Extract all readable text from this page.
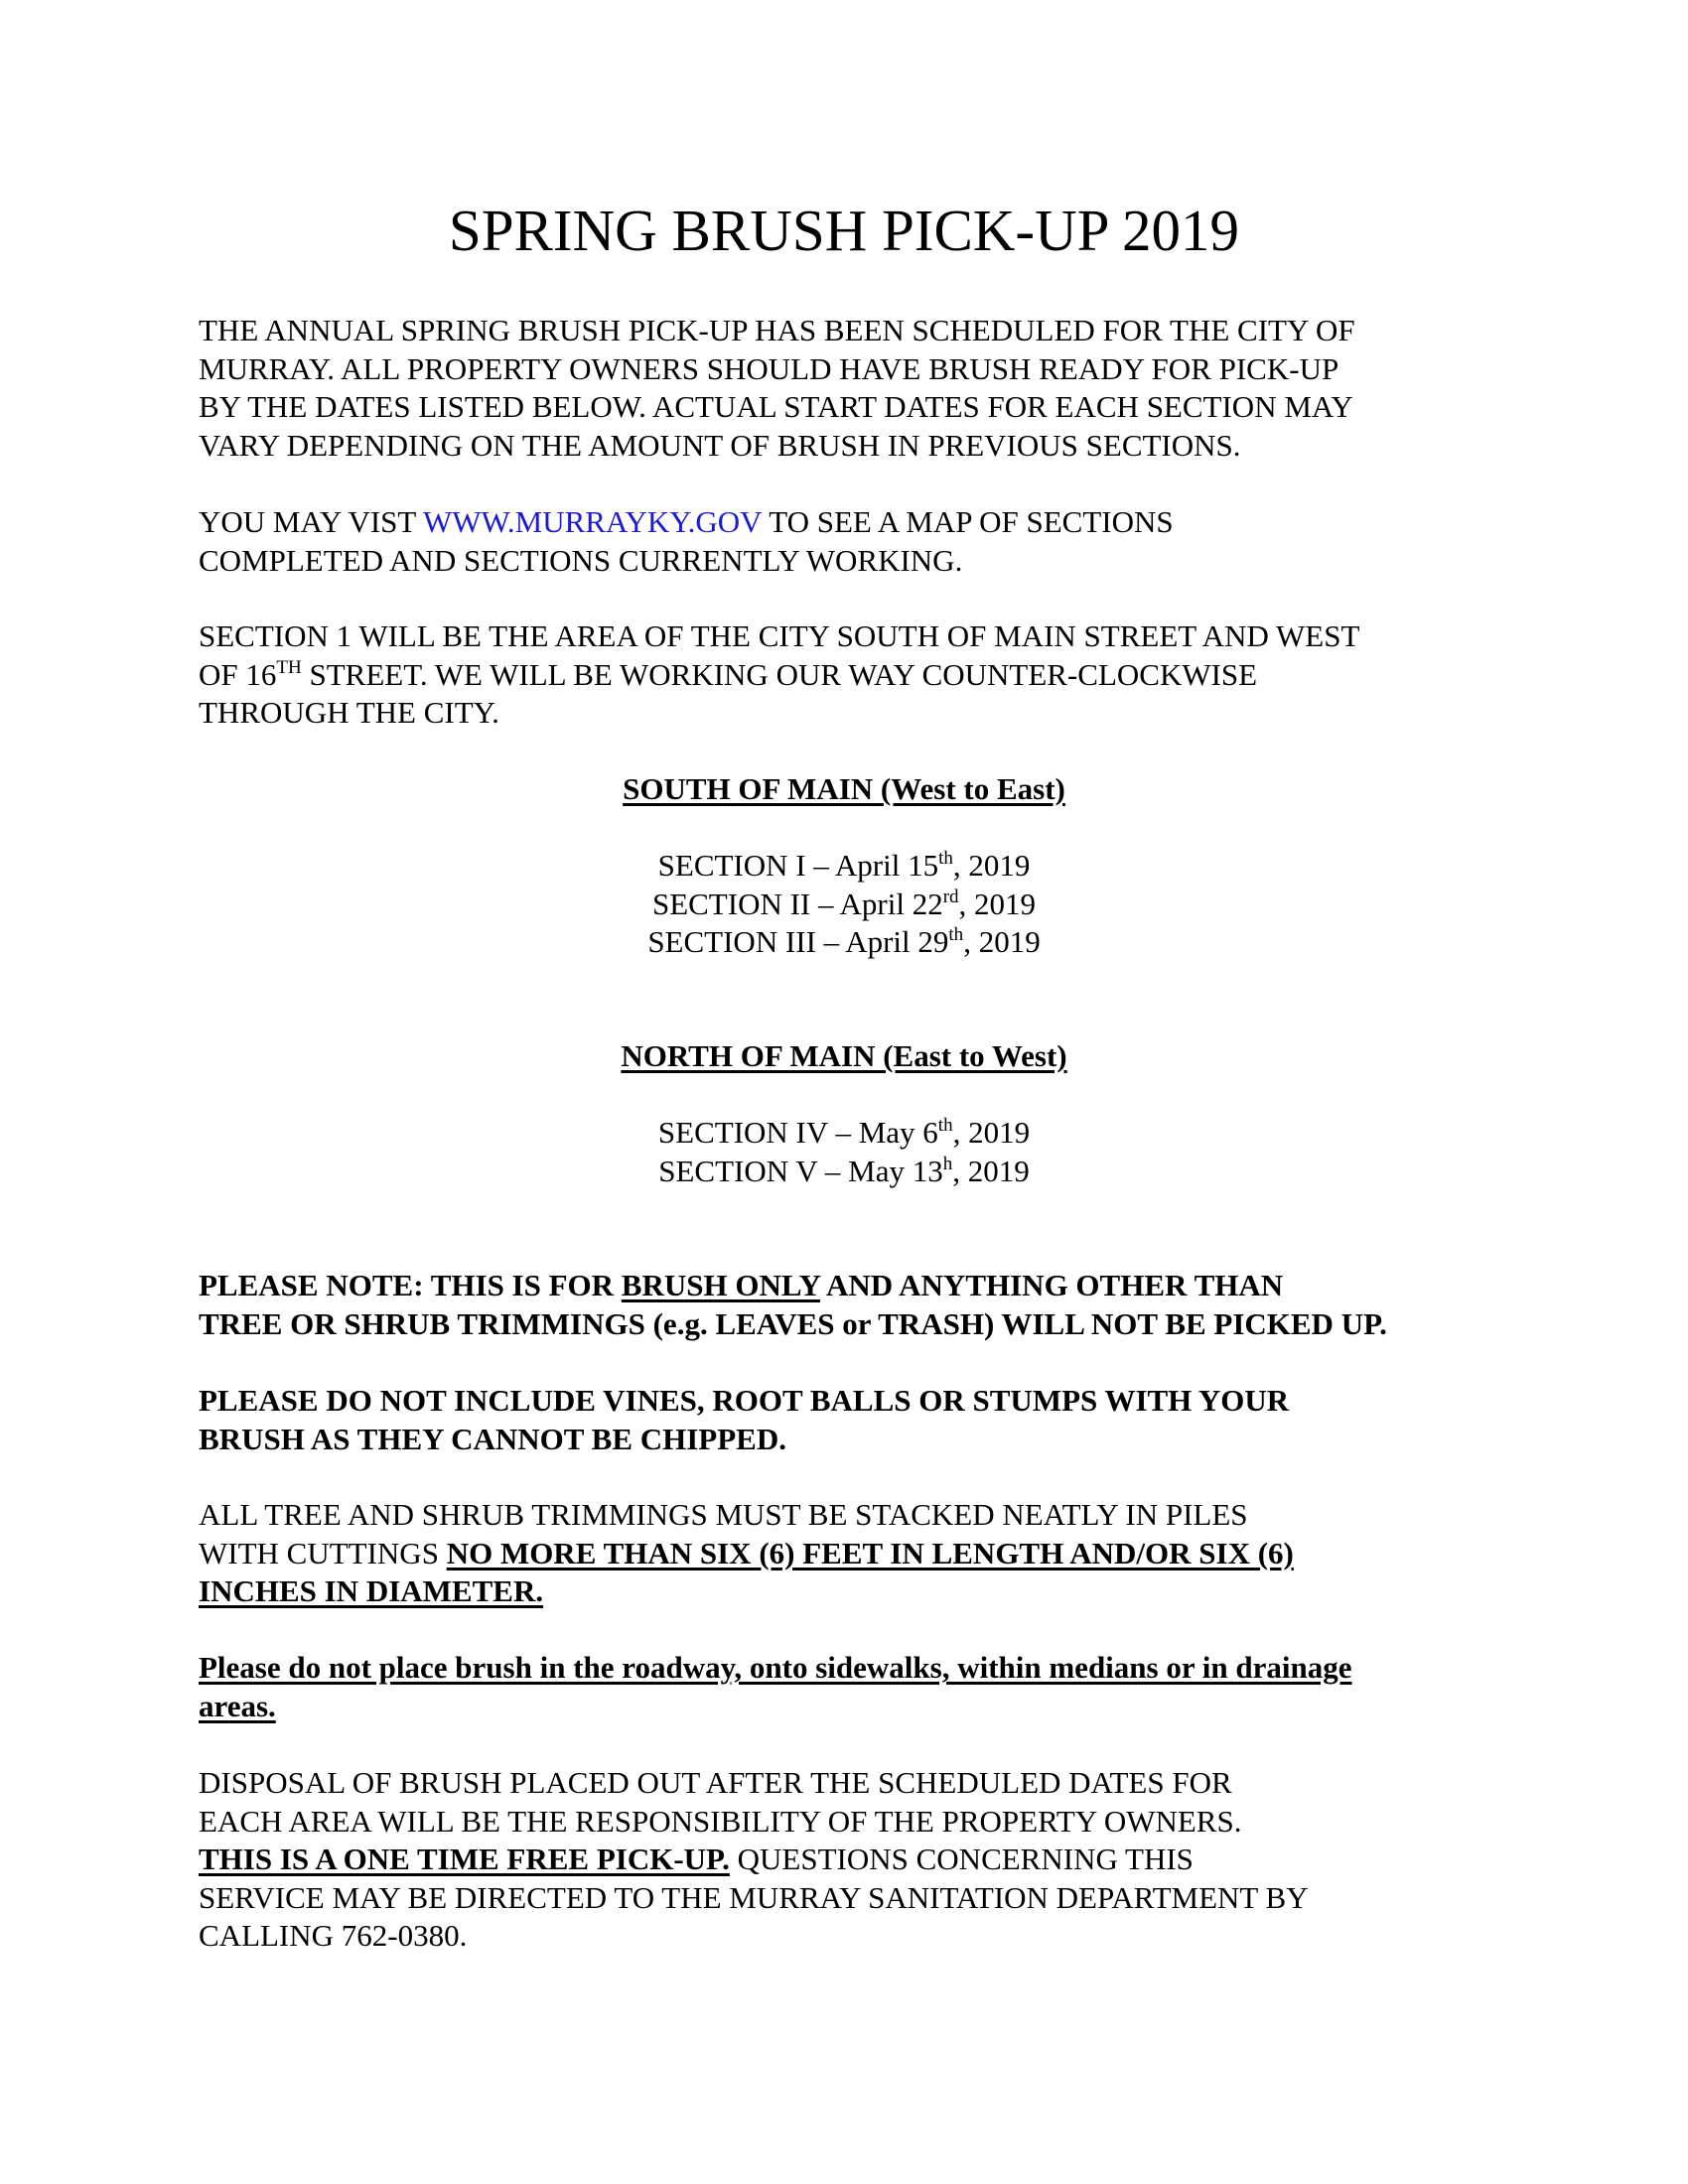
SPRING BRUSH PICK-UP 2019
THE ANNUAL SPRING BRUSH PICK-UP HAS BEEN SCHEDULED FOR THE CITY OF
MURRAY. ALL PROPERTY OWNERS SHOULD HAVE BRUSH READY FOR PICK-UP
BY THE DATES LISTED BELOW. ACTUAL START DATES FOR EACH SECTION MAY
VARY DEPENDING ON THE AMOUNT OF BRUSH IN PREVIOUS SECTIONS.
YOU MAY VIST WWW.MURRAYKY.GOV TO SEE A MAP OF SECTIONS
COMPLETED AND SECTIONS CURRENTLY WORKING.
SECTION 1 WILL BE THE AREA OF THE CITY SOUTH OF MAIN STREET AND WEST
OF 16TH STREET. WE WILL BE WORKING OUR WAY COUNTER-CLOCKWISE
THROUGH THE CITY.
SOUTH OF MAIN (West to East)
SECTION I – April 15th, 2019
SECTION II – April 22rd, 2019
SECTION III – April 29th, 2019
NORTH OF MAIN (East to West)
SECTION IV – May 6th, 2019
SECTION V – May 13$^h$, 2019
PLEASE NOTE: THIS IS FOR BRUSH ONLY AND ANYTHING OTHER THAN
TREE OR SHRUB TRIMMINGS (e.g. LEAVES or TRASH) WILL NOT BE PICKED UP.
PLEASE DO NOT INCLUDE VINES, ROOT BALLS OR STUMPS WITH YOUR
BRUSH AS THEY CANNOT BE CHIPPED.
ALL TREE AND SHRUB TRIMMINGS MUST BE STACKED NEATLY IN PILES
WITH CUTTINGS NO MORE THAN SIX (6) FEET IN LENGTH AND/OR SIX (6)
INCHES IN DIAMETER.
Please do not place brush in the roadway, onto sidewalks, within medians or in drainage
areas.
DISPOSAL OF BRUSH PLACED OUT AFTER THE SCHEDULED DATES FOR
EACH AREA WILL BE THE RESPONSIBILITY OF THE PROPERTY OWNERS.
THIS IS A ONE TIME FREE PICK-UP. QUESTIONS CONCERNING THIS
SERVICE MAY BE DIRECTED TO THE MURRAY SANITATION DEPARTMENT BY
CALLING 762-0380.
